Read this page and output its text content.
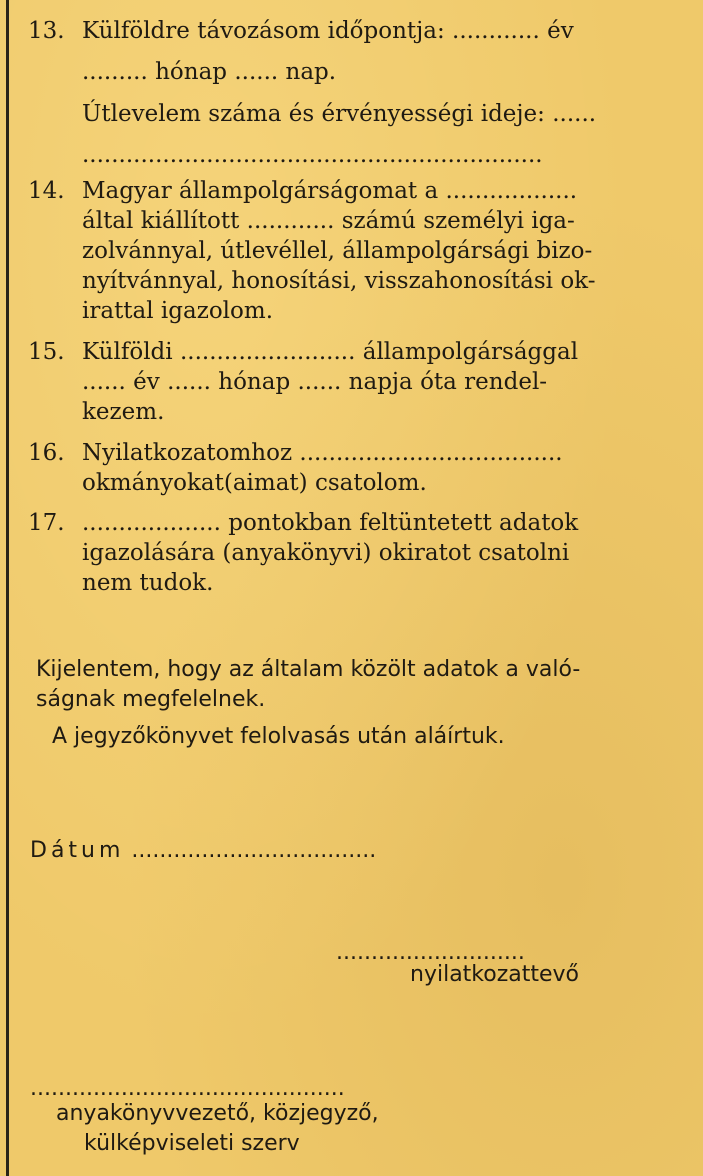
13. Külföldre távozásom időpontja: ............ év
......... hónap ...... nap.
Útlevelem száma és érvényességi ideje: ......
...............................................................
14. Magyar állampolgárságomat a ..................
által kiállított ............ számú személyi iga-
zolvánnyal, útlevéllel, állampolgársági bizo-
nyítvánnyal, honosítási, visszahonosítási ok-
irattal igazolom.
15. Külföldi ........................ állampolgársággal
...... év ...... hónap ...... napja óta rendel-
kezem.
16. Nyilatkozatomhoz ....................................
okmányokat(aimat) csatolom.
17. ................... pontokban feltüntetett adatok
igazolására (anyakönyvi) okiratot csatolni
nem tudok.
Kijelentem, hogy az általam közölt adatok a való-
ságnak megfelelnek.
A jegyzőkönyvet felolvasás után aláírtuk.
Dátum ...................................
...........................
nyilatkozattevő
.............................................
anyakönyvvezető, közjegyző,
külképviseleti szerv
